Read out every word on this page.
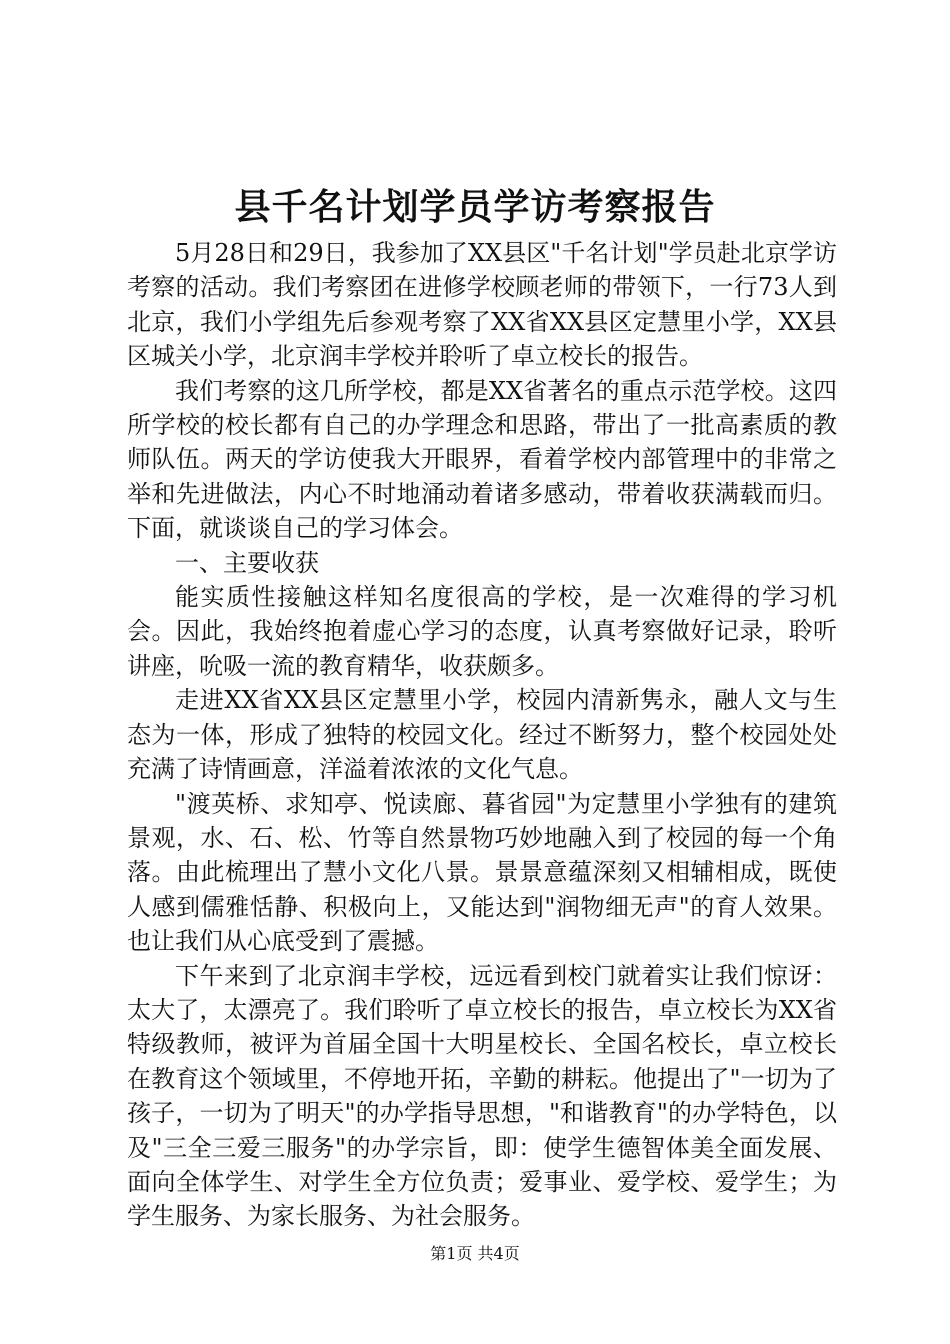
县千名计划学员学访考察报告

5月28日和29日，我参加了XX县区"千名计划"学员赴北京学访考察的活动。我们考察团在进修学校顾老师的带领下，一行73人到北京，我们小学组先后参观考察了XX省XX县区定慧里小学，XX县区城关小学，北京润丰学校并聆听了卓立校长的报告。

我们考察的这几所学校，都是XX省著名的重点示范学校。这四所学校的校长都有自己的办学理念和思路，带出了一批高素质的教师队伍。两天的学访使我大开眼界，看着学校内部管理中的非常之举和先进做法，内心不时地涌动着诸多感动，带着收获满载而归。下面，就谈谈自己的学习体会。

一、主要收获

能实质性接触这样知名度很高的学校，是一次难得的学习机会。因此，我始终抱着虚心学习的态度，认真考察做好记录，聆听讲座，吮吸一流的教育精华，收获颇多。

走进XX省XX县区定慧里小学，校园内清新隽永，融人文与生态为一体，形成了独特的校园文化。经过不断努力，整个校园处处充满了诗情画意，洋溢着浓浓的文化气息。

"渡英桥、求知亭、悦读廊、暮省园"为定慧里小学独有的建筑景观，水、石、松、竹等自然景物巧妙地融入到了校园的每一个角落。由此梳理出了慧小文化八景。景景意蕴深刻又相辅相成，既使人感到儒雅恬静、积极向上，又能达到"润物细无声"的育人效果。也让我们从心底受到了震撼。

下午来到了北京润丰学校，远远看到校门就着实让我们惊讶：太大了，太漂亮了。我们聆听了卓立校长的报告，卓立校长为XX省特级教师，被评为首届全国十大明星校长、全国名校长，卓立校长在教育这个领域里，不停地开拓，辛勤的耕耘。他提出了"一切为了孩子，一切为了明天"的办学指导思想，"和谐教育"的办学特色，以及"三全三爱三服务"的办学宗旨，即：使学生德智体美全面发展、面向全体学生、对学生全方位负责；爱事业、爱学校、爱学生；为学生服务、为家长服务、为社会服务。

第1页 共4页
